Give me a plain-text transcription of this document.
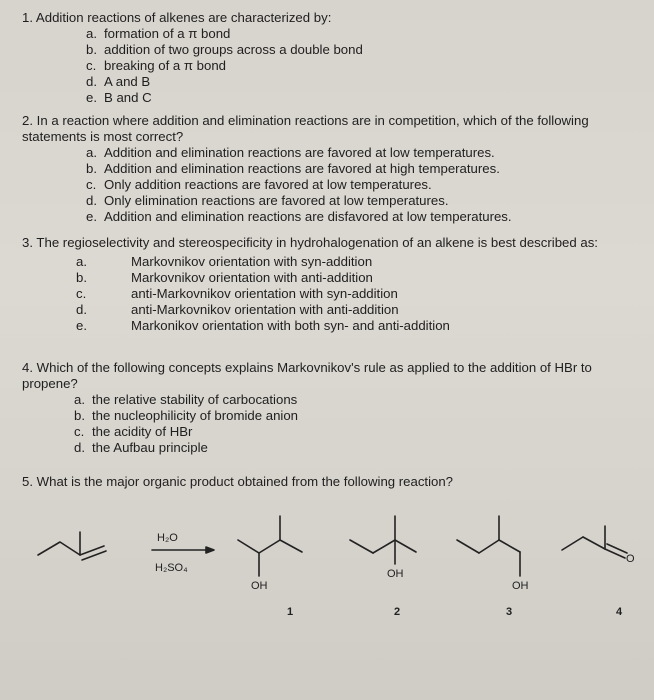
1. Addition reactions of alkenes are characterized by:

a. formation of a π bond
b. addition of two groups across a double bond
c. breaking of a π bond
d. A and B
e. B and C

2. In a reaction where addition and elimination reactions are in competition, which of the following statements is most correct?

a. Addition and elimination reactions are favored at low temperatures.
b. Addition and elimination reactions are favored at high temperatures.
c. Only addition reactions are favored at low temperatures.
d. Only elimination reactions are favored at low temperatures.
e. Addition and elimination reactions are disfavored at low temperatures.

3. The regioselectivity and stereospecificity in hydrohalogenation of an alkene is best described as:

a.	Markovnikov orientation with syn-addition
b.	Markovnikov orientation with anti-addition
c.	anti-Markovnikov orientation with syn-addition
d.	anti-Markovnikov orientation with anti-addition
e.	Markonikov orientation with both syn- and anti-addition

4. Which of the following concepts explains Markovnikov's rule as applied to the addition of HBr to propene?

a. the relative stability of carbocations
b. the nucleophilicity of bromide anion
c. the acidity of HBr
d. the Aufbau principle

5. What is the major organic product obtained from the following reaction?

H₂O
H₂SO₄
OH
OH
OH
O
1	2	3	4
